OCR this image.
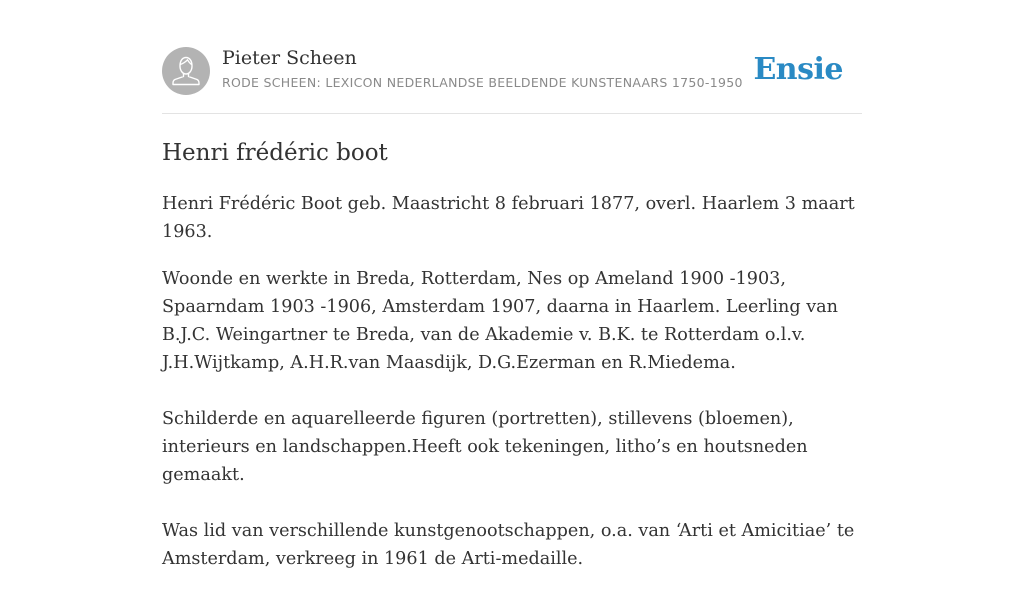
Pieter Scheen
RODE SCHEEN: LEXICON NEDERLANDSE BEELDENDE KUNSTENAARS 1750-1950 Ensie
Henri frédéric boot

Henri Frédéric Boot geb. Maastricht 8 februari 1877, overl. Haarlem 3 maart 1963.

Woonde en werkte in Breda, Rotterdam, Nes op Ameland 1900 -1903, Spaarndam 1903 -1906, Amsterdam 1907, daarna in Haarlem. Leerling van B.J.C. Weingartner te Breda, van de Akademie v. B.K. te Rotterdam o.l.v. J.H.Wijtkamp, A.H.R.van Maasdijk, D.G.Ezerman en R.Miedema.

Schilderde en aquarelleerde figuren (portretten), stillevens (bloemen), interieurs en landschappen.Heeft ook tekeningen, litho’s en houtsneden gemaakt.

Was lid van verschillende kunstgenootschappen, o.a. van ‘Arti et Amicitiae’ te Amsterdam, verkreeg in 1961 de Arti-medaille.
